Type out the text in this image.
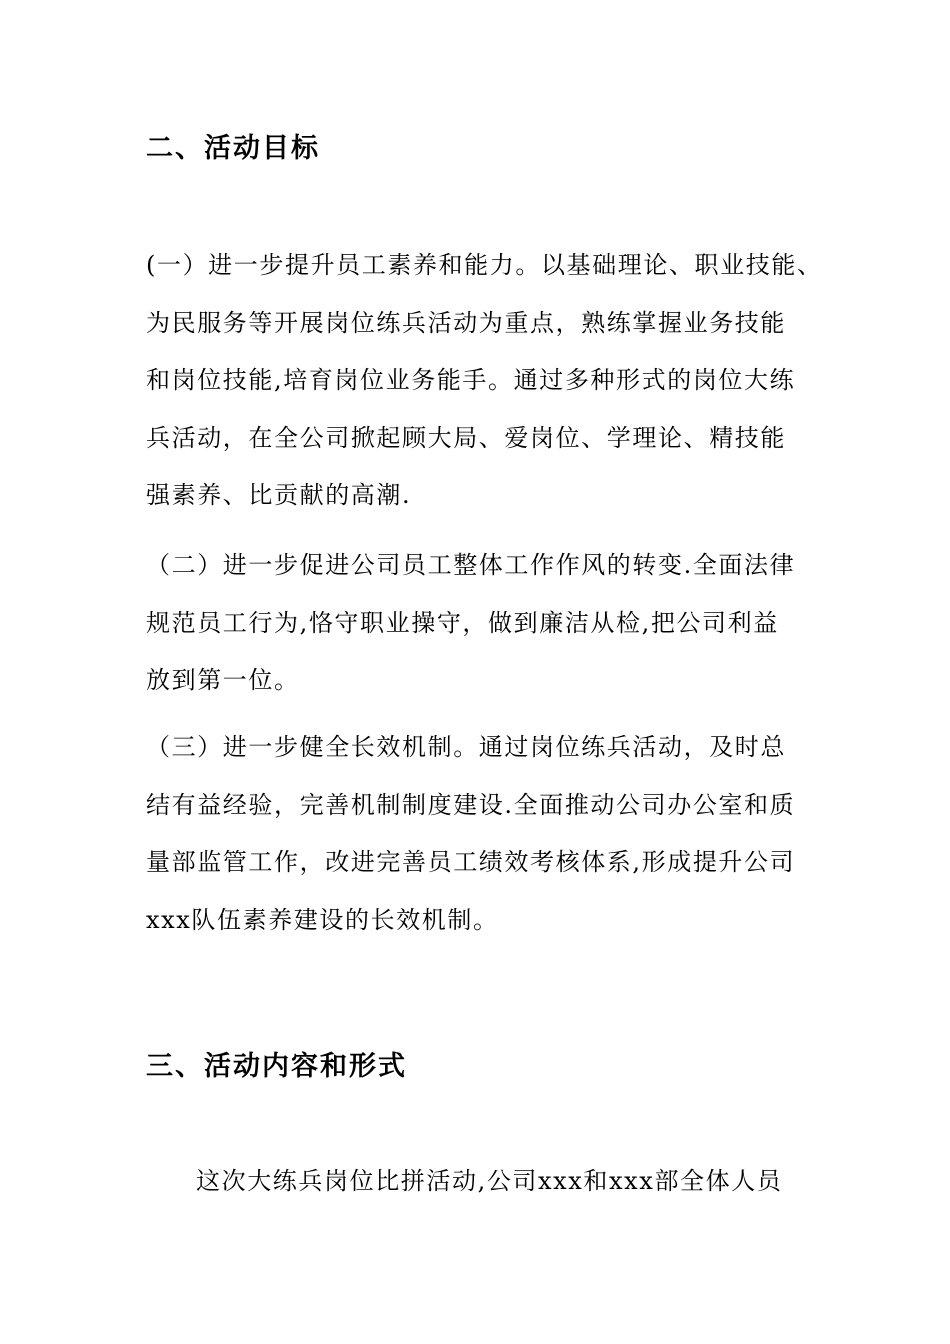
二、活动目标
(一）进一步提升员工素养和能力。以基础理论、职业技能、
为民服务等开展岗位练兵活动为重点，熟练掌握业务技能
和岗位技能,培育岗位业务能手。通过多种形式的岗位大练
兵活动，在全公司掀起顾大局、爱岗位、学理论、精技能
强素养、比贡献的高潮.
（二）进一步促进公司员工整体工作作风的转变.全面法律
规范员工行为,恪守职业操守，做到廉洁从检,把公司利益
放到第一位。
（三）进一步健全长效机制。通过岗位练兵活动，及时总
结有益经验，完善机制制度建设.全面推动公司办公室和质
量部监管工作，改进完善员工绩效考核体系,形成提升公司
xxx队伍素养建设的长效机制。
三、活动内容和形式
这次大练兵岗位比拼活动,公司xxx和xxx部全体人员
